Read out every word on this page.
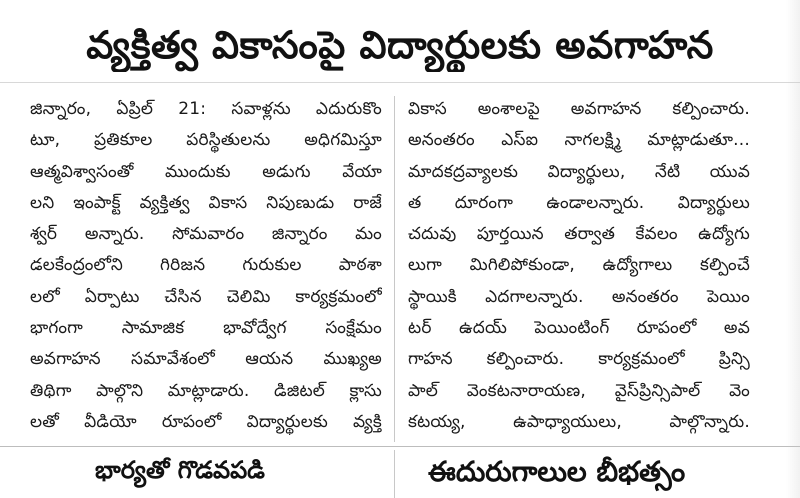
వ్యక్తిత్వ వికాసంపై విద్యార్థులకు అవగాహన
జిన్నారం, ఏప్రిల్ 21: సవాళ్లను ఎదురుకొం
టూ, ప్రతికూల పరిస్థితులను అధిగమిస్తూ
ఆత్మవిశ్వాసంతో ముందుకు అడుగు వేయా
లని ఇంపాక్ట్ వ్యక్తిత్వ వికాస నిపుణుడు రాజే
శ్వర్ అన్నారు. సోమవారం జిన్నారం మం
డలకేంద్రంలోని గిరిజన గురుకుల పాఠశా
లలో ఏర్పాటు చేసిన చెలిమి కార్యక్రమంలో
భాగంగా సామాజిక భావోద్వేగ సంక్షేమం
అవగాహన సమావేశంలో ఆయన ముఖ్యఅ
తిథిగా పాల్గొని మాట్లాడారు. డిజిటల్ క్లాసు
లతో వీడియో రూపంలో విద్యార్థులకు వ్యక్తి
వికాస అంశాలపై అవగాహన కల్పించారు.
అనంతరం ఎస్ఐ నాగలక్ష్మి మాట్లాడుతూ...
మాదకద్రవ్యాలకు విద్యార్థులు, నేటి యువ
త దూరంగా ఉండాలన్నారు. విద్యార్థులు
చదువు పూర్తయిన తర్వాత కేవలం ఉద్యోగు
లుగా మిగిలిపోకుండా, ఉద్యోగాలు కల్పించే
స్థాయికి ఎదగాలన్నారు. అనంతరం పెయిం
టర్ ఉదయ్ పెయింటింగ్ రూపంలో అవ
గాహన కల్పించారు. కార్యక్రమంలో ప్రిన్సి
పాల్ వెంకటనారాయణ, వైస్‌ప్రిన్సిపాల్ వెం
కటయ్య, ఉపాధ్యాయులు, పాల్గొన్నారు.
భార్యతో గొడవపడి	ఈదురుగాలుల బీభత్సం
